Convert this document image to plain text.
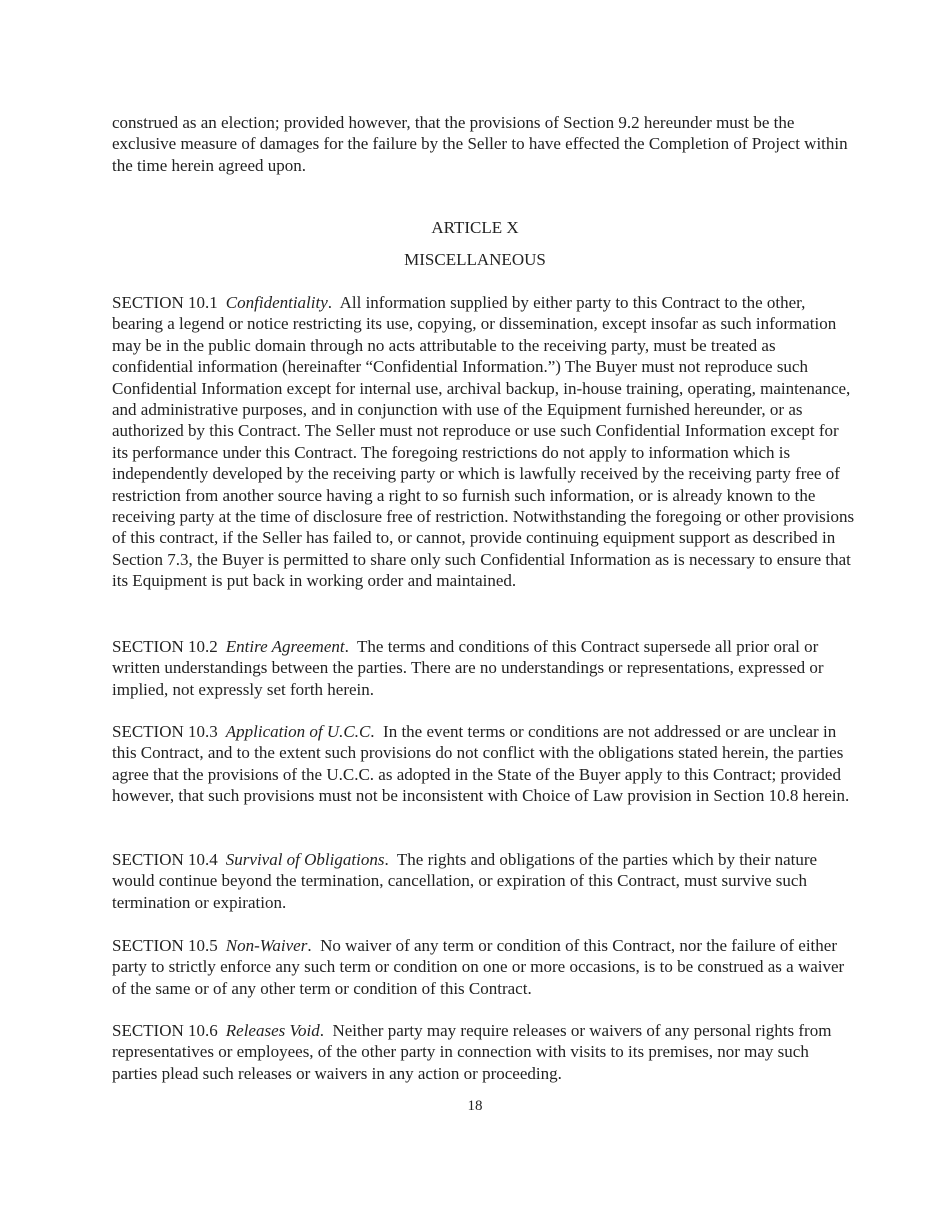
construed as an election; provided however, that the provisions of Section 9.2 hereunder must be the exclusive measure of damages for the failure by the Seller to have effected the Completion of Project within the time herein agreed upon.

ARTICLE X

MISCELLANEOUS

SECTION 10.1 Confidentiality.  All information supplied by either party to this Contract to the other, bearing a legend or notice restricting its use, copying, or dissemination, except insofar as such information may be in the public domain through no acts attributable to the receiving party, must be treated as confidential information (hereinafter “Confidential Information.”) The Buyer must not reproduce such Confidential Information except for internal use, archival backup, in-house training, operating, maintenance, and administrative purposes, and in conjunction with use of the Equipment furnished hereunder, or as authorized by this Contract. The Seller must not reproduce or use such Confidential Information except for its performance under this Contract. The foregoing restrictions do not apply to information which is independently developed by the receiving party or which is lawfully received by the receiving party free of restriction from another source having a right to so furnish such information, or is already known to the receiving party at the time of disclosure free of restriction. Notwithstanding the foregoing or other provisions of this contract, if the Seller has failed to, or cannot, provide continuing equipment support as described in Section 7.3, the Buyer is permitted to share only such Confidential Information as is necessary to ensure that its Equipment is put back in working order and maintained.

SECTION 10.2 Entire Agreement.  The terms and conditions of this Contract supersede all prior oral or written understandings between the parties. There are no understandings or representations, expressed or implied, not expressly set forth herein.

SECTION 10.3 Application of U.C.C.  In the event terms or conditions are not addressed or are unclear in this Contract, and to the extent such provisions do not conflict with the obligations stated herein, the parties agree that the provisions of the U.C.C. as adopted in the State of the Buyer apply to this Contract; provided however, that such provisions must not be inconsistent with Choice of Law provision in Section 10.8 herein.

SECTION 10.4 Survival of Obligations.  The rights and obligations of the parties which by their nature would continue beyond the termination, cancellation, or expiration of this Contract, must survive such termination or expiration.

SECTION 10.5 Non-Waiver.  No waiver of any term or condition of this Contract, nor the failure of either party to strictly enforce any such term or condition on one or more occasions, is to be construed as a waiver of the same or of any other term or condition of this Contract.

SECTION 10.6 Releases Void.  Neither party may require releases or waivers of any personal rights from representatives or employees, of the other party in connection with visits to its premises, nor may such parties plead such releases or waivers in any action or proceeding.

18
